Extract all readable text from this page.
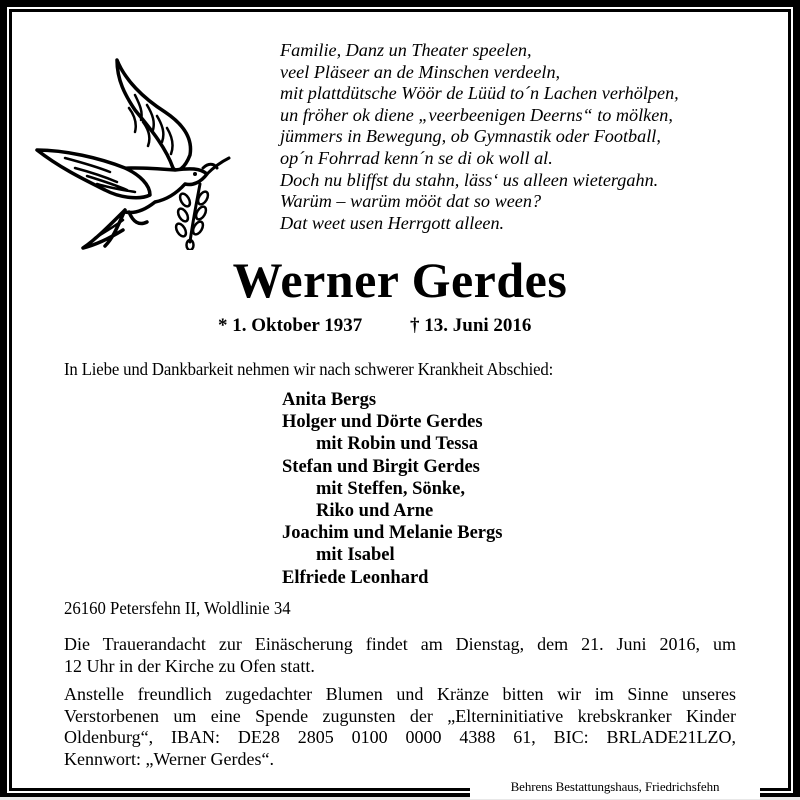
Familie, Danz un Theater speelen,
veel Pläseer an de Minschen verdeeln,
mit plattdütsche Wöör de Lüüd to´n Lachen verhölpen,
un fröher ok diene „veerbeenigen Deerns“ to mölken,
jümmers in Bewegung, ob Gymnastik oder Football,
op´n Fohrrad kenn´n se di ok woll al.
Doch nu bliffst du stahn, läss‘ us alleen wietergahn.
Warüm – warüm mööt dat so ween?
Dat weet usen Herrgott alleen.
Werner Gerdes
* 1. Oktober 1937	† 13. Juni 2016
In Liebe und Dankbarkeit nehmen wir nach schwerer Krankheit Abschied:
Anita Bergs
Holger und Dörte Gerdes
mit Robin und Tessa
Stefan und Birgit Gerdes
mit Steffen, Sönke,
Riko und Arne
Joachim und Melanie Bergs
mit Isabel
Elfriede Leonhard
26160 Petersfehn II, Woldlinie 34
Die Trauerandacht zur Einäscherung findet am Dienstag, dem 21. Juni 2016, um
12 Uhr in der Kirche zu Ofen statt.
Anstelle freundlich zugedachter Blumen und Kränze bitten wir im Sinne unseres
Verstorbenen um eine Spende zugunsten der „Elterninitiative krebskranker Kinder
Oldenburg“, IBAN: DE28 2805 0100 0000 4388 61, BIC: BRLADE21LZO,
Kennwort: „Werner Gerdes“.
Behrens Bestattungshaus, Friedrichsfehn
